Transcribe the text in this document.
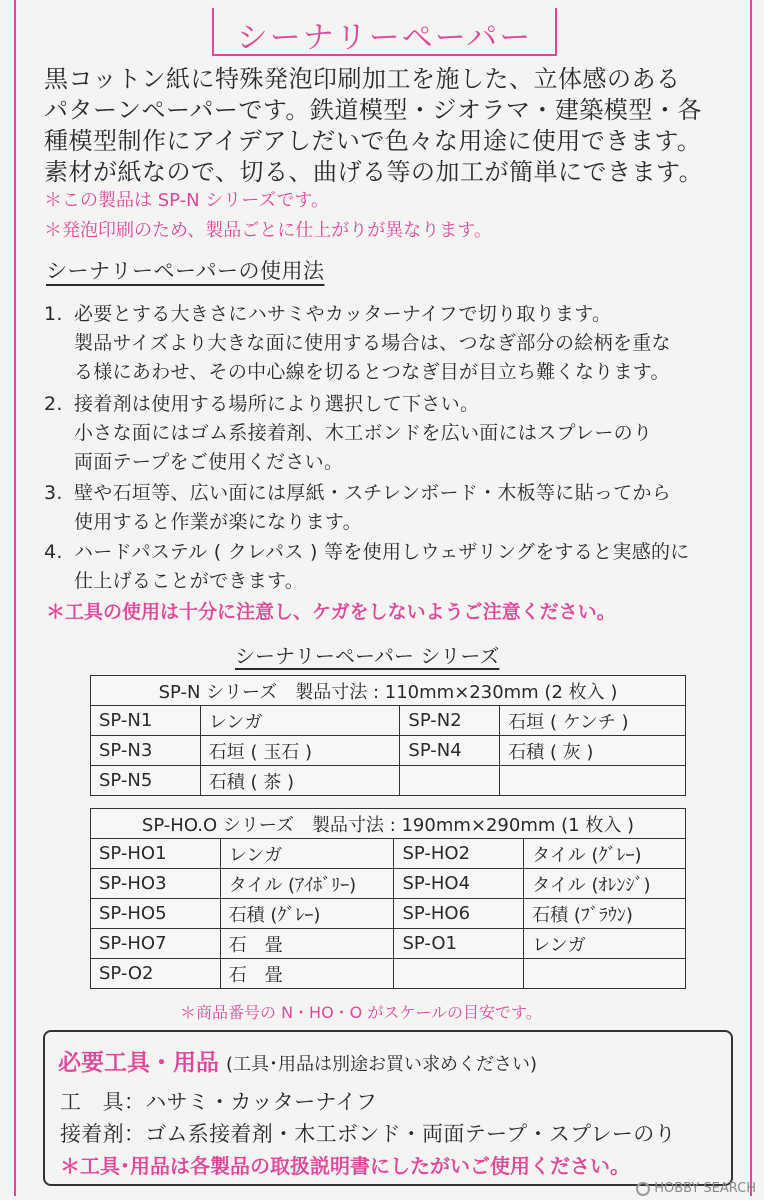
シーナリーペーパー
黒コットン紙に特殊発泡印刷加工を施した、立体感のある
パターンペーパーです。鉄道模型・ジオラマ・建築模型・各
種模型制作にアイデアしだいで色々な用途に使用できます。
素材が紙なので、切る、曲げる等の加工が簡単にできます。
＊この製品は SP-N シリーズです。
＊発泡印刷のため、製品ごとに仕上がりが異なります。
シーナリーペーパーの使用法
1. 必要とする大きさにハサミやカッターナイフで切り取ります。
製品サイズより大きな面に使用する場合は、つなぎ部分の絵柄を重な
る様にあわせ、その中心線を切るとつなぎ目が目立ち難くなります。
2. 接着剤は使用する場所により選択して下さい。
小さな面にはゴム系接着剤、木工ボンドを広い面にはスプレーのり
両面テープをご使用ください。
3. 壁や石垣等、広い面には厚紙・スチレンボード・木板等に貼ってから
使用すると作業が楽になります。
4. ハードパステル ( クレパス ) 等を使用しウェザリングをすると実感的に
仕上げることができます。
＊工具の使用は十分に注意し、ケガをしないようご注意ください。
シーナリーペーパー シリーズ
SP-N シリーズ　製品寸法 : 110mm×230mm (2 枚入 )			
SP-N1	レンガ	SP-N2	石垣 ( ケンチ )
SP-N3	石垣 ( 玉石 )	SP-N4	石積 ( 灰 )
SP-N5	石積 ( 茶 )		
SP-HO.O シリーズ　製品寸法 : 190mm×290mm (1 枚入 )			
SP-HO1	レンガ	SP-HO2	タイル (ｸﾞﾚｰ)
SP-HO3	タイル (ｱｲﾎﾞﾘｰ)	SP-HO4	タイル (ｵﾚﾝｼﾞ)
SP-HO5	石積 (ｸﾞﾚｰ)	SP-HO6	石積 (ﾌﾞﾗｳﾝ)
SP-HO7	石　畳	SP-O1	レンガ
SP-O2	石　畳		
＊商品番号の N・HO・O がスケールの目安です。
必要工具・用品 (工具･用品は別途お買い求めください)
工　具：ハサミ・カッターナイフ
接着剤：ゴム系接着剤・木工ボンド・両面テープ・スプレーのり
＊工具･用品は各製品の取扱説明書にしたがいご使用ください。
HOBBY SEARCH
